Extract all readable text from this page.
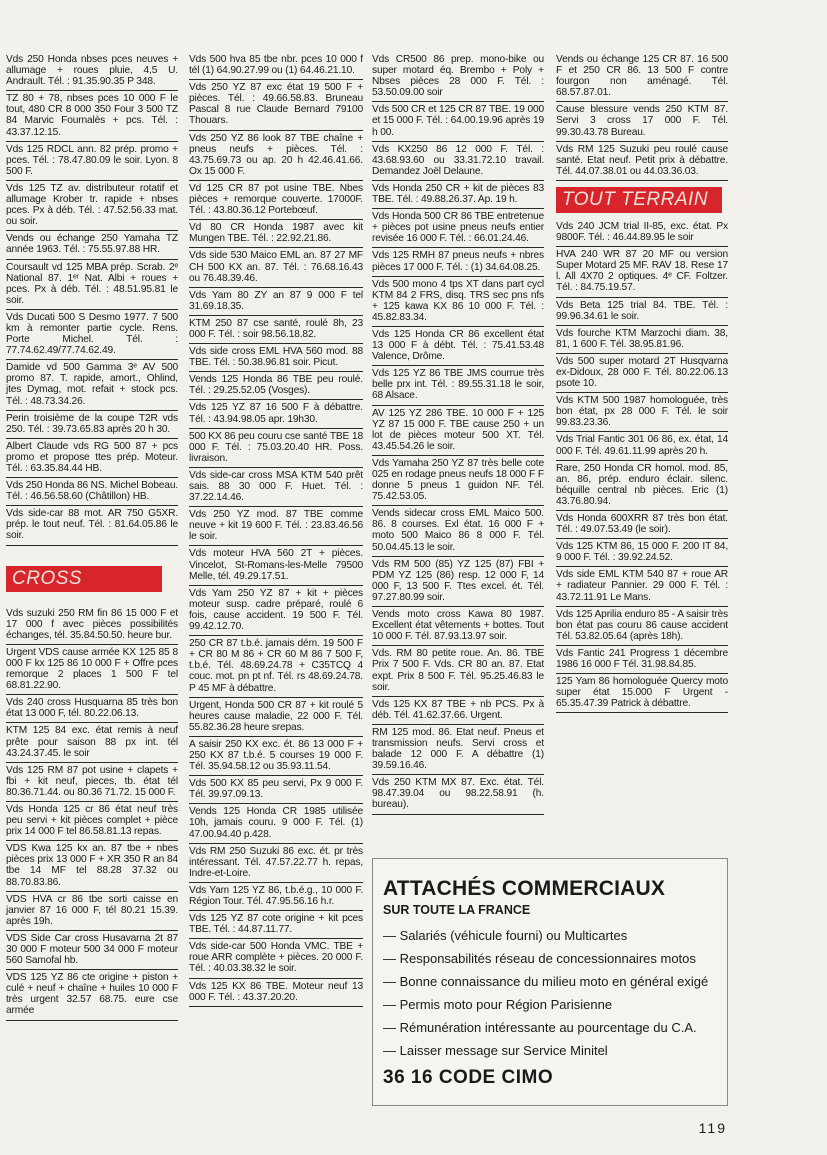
Vds 250 Honda nbses pces neuves + allumage + roues pluie, 4,5 U. Andrault. Tél. : 91.35.90.35 P 348.

TZ 80 + 78, nbses pces 10 000 F le tout, 480 CR 8 000 350 Four 3 500 TZ 84 Marvic Fournalès + pcs. Tél. : 43.37.12.15.

Vds 125 RDCL ann. 82 prép. promo + pces. Tél. : 78.47.80.09 le soir. Lyon. 8 500 F.

Vds 125 TZ av. distributeur rotatif et allumage Krober tr. rapide + nbses pces. Px à déb. Tél. : 47.52.56.33 mat. ou soir.

Vends ou échange 250 Yamaha TZ année 1963. Tél. : 75.55.97.88 HR.

Coursault vd 125 MBA prép. Scrab. 2ᵉ National 87. 1ᵉʳ Nat. Albi + roues + pces. Px à déb. Tél. : 48.51.95.81 le soir.

Vds Ducati 500 S Desmo 1977. 7 500 km à remonter partie cycle. Rens. Porte Michel. Tél. : 77.74.62.49/77.74.62.49.

Damide vd 500 Gamma 3ᵉ AV 500 promo 87. T. rapide, amort., Ohlind, jtes Dymag, mot. refait + stock pcs. Tél. : 48.73.34.26.

Perin troisième de la coupe T2R vds 250. Tél. : 39.73.65.83 après 20 h 30.

Albert Claude vds RG 500 87 + pcs promo et propose ttes prép. Moteur. Tél. : 63.35.84.44 HB.

Vds 250 Honda 86 NS. Michel Bobeau. Tél. : 46.56.58.60 (Châtillon) HB.

Vds side-car 88 mot. AR 750 G5XR. prép. le tout neuf. Tél. : 81.64.05.86 le soir.

CROSS

Vds suzuki 250 RM fin 86 15 000 F et 17 000 f avec pièces possibilités échanges, tél. 35.84.50.50. heure bur.

Urgent VDS cause armée KX 125 85 8 000 F kx 125 86 10 000 F + Offre pces remorque 2 places 1 500 F tel 68.81.22.90.

Vds 240 cross Husquarna 85 très bon état 13 000 F, tél. 80.22.06.13.

KTM 125 84 exc. état remis à neuf prête pour saison 88 px int. tél 43.24.37.45. le soir

Vds 125 RM 87 pot usine + clapets + fbi + kit neuf, pieces, tb. état tél 80.36.71.44. ou 80.36 71.72. 15 000 F.

Vds Honda 125 cr 86 état neuf très peu servi + kit pièces complet + pièce prix 14 000 F tel 86.58.81.13 repas.

VDS Kwa 125 kx an. 87 tbe + nbes pièces prix 13 000 F + XR 350 R an 84 tbe 14 MF tel 88.28 37.32 ou 88.70.83.86.

VDS HVA cr 86 tbe sorti caisse en janvier 87 16 000 F, tél 80.21 15.39. après 19h.

VDS Side Car cross Husavarna 2t 87 30 000 F moteur 500 34 000 F moteur 560 Samofal hb.

VDS 125 YZ 86 cte origine + piston + culé + neuf + chaîne + huiles 10 000 F très urgent 32.57 68.75. eure cse armée

Vds 500 hva 85 tbe nbr. pces 10 000 f tél (1) 64.90.27.99 ou (1) 64.46.21.10.

Vds 250 YZ 87 exc état 19 500 F + pièces. Tél. : 49.66.58.83. Bruneau Pascal 8 rue Claude Bernard 79100 Thouars.

Vds 250 YZ 86 look 87 TBE chaîne + pneus neufs + pièces. Tél. : 43.75.69.73 ou ap. 20 h 42.46.41.66. Ox 15 000 F.

Vd 125 CR 87 pot usine TBE. Nbes pièces + remorque couverte. 17000F. Tél. : 43.80.36.12 Portebœuf.

Vd 80 CR Honda 1987 avec kit Mungen TBE. Tél. : 22.92.21.86.

Vds side 530 Maico EML an. 87 27 MF CH 500 KX an. 87. Tél. : 76.68.16.43 ou 76.48.39.46.

Vds Yam 80 ZY an 87 9 000 F tel 31.69.18.35.

KTM 250 87 cse santé, roulé 8h, 23 000 F. Tél. : soir 98.56.18.82.

Vds side cross EML HVA 560 mod. 88 TBE. Tél. : 50.38.96.81 soir. Picut.

Vends 125 Honda 86 TBE peu roulé. Tél. : 29.25.52.05 (Vosges).

Vds 125 YZ 87 16 500 F à débattre. Tél. : 43.94.98.05 apr. 19h30.

500 KX 86 peu couru cse santé TBE 18 000 F. Tél. : 75.03.20.40 HR. Poss. livraison.

Vds side-car cross MSA KTM 540 prêt sais. 88 30 000 F. Huet. Tél. : 37.22.14.46.

Vds 250 YZ mod. 87 TBE comme neuve + kit 19 600 F. Tél. : 23.83.46.56 le soir.

Vds moteur HVA 560 2T + pièces. Vincelot, St-Romans-les-Melle 79500 Melle, tél. 49.29.17.51.

Vds Yam 250 YZ 87 + kit + pièces moteur susp. cadre préparé, roulé 6 fois, cause accident. 19 500 F. Tél. 99.42.12.70.

250 CR 87 t.b.é. jamais dém. 19 500 F + CR 80 M 86 + CR 60 M 86 7 500 F, t.b.é. Tél. 48.69.24.78 + C35TCQ 4 couc. mot. pn pt nf. Tél. rs 48.69.24.78. P 45 MF à débattre.

Urgent, Honda 500 CR 87 + kit roulé 5 heures cause maladie, 22 000 F. Tél. 55.82.36.28 heure srepas.

A saisir 250 KX exc. ét. 86 13 000 F + 250 KX 87 t.b.é. 5 courses 19 000 F. Tél. 35.94.58.12 ou 35.93.11.54.

Vds 500 KX 85 peu servi, Px 9 000 F. Tél. 39.97.09.13.

Vends 125 Honda CR 1985 utilisée 10h, jamais couru. 9 000 F. Tél. (1) 47.00.94.40 p.428.

Vds RM 250 Suzuki 86 exc. ét. pr très intéressant. Tél. 47.57.22.77 h. repas, Indre-et-Loire.

Vds Yam 125 YZ 86, t.b.é.g., 10 000 F. Région Tour. Tél. 47.95.56.16 h.r.

Vds 125 YZ 87 cote origine + kit pces TBE. Tél. : 44.87.11.77.

Vds side-car 500 Honda VMC. TBE + roue ARR complète + pièces. 20 000 F. Tél. : 40.03.38.32 le soir.

Vds 125 KX 86 TBE. Moteur neuf 13 000 F. Tél. : 43.37.20.20.

Vds CR500 86 prep. mono-bike ou super motard éq. Brembo + Poly + Nbses pièces 28 000 F. Tél. : 53.50.09.00 soir

Vds 500 CR et 125 CR 87 TBE. 19 000 et 15 000 F. Tél. : 64.00.19.96 après 19 h 00.

Vds KX250 86 12 000 F. Tél. : 43.68.93.60 ou 33.31.72.10 travail. Demandez Joël Delaune.

Vds Honda 250 CR + kit de pièces 83 TBE. Tél. : 49.88.26.37. Ap. 19 h.

Vds Honda 500 CR 86 TBE entretenue + pièces pot usine pneus neufs entier revisée 16 000 F. Tél. : 66.01.24.46.

Vds 125 RMH 87 pneus neufs + nbres pièces 17 000 F. Tél. : (1) 34.64.08.25.

Vds 500 mono 4 tps XT dans part cycl KTM 84 2 FRS, disq. TRS sec pns nfs + 125 kawa KX 86 10 000 F. Tél. : 45.82.83.34.

Vds 125 Honda CR 86 excellent état 13 000 F à débt. Tél. : 75.41.53.48 Valence, Drôme.

Vds 125 YZ 86 TBE JMS courrue très belle prx int. Tél. : 89.55.31.18 le soir, 68 Alsace.

AV 125 YZ 286 TBE. 10 000 F + 125 YZ 87 15 000 F. TBE cause 250 + un lot de pièces moteur 500 XT. Tél. 43.45.54.26 le soir.

Vds Yamaha 250 YZ 87 très belle cote 025 en rodage pneus neufs 18 000 F F donne 5 pneus 1 guidon NF. Tél. 75.42.53.05.

Vends sidecar cross EML Maico 500. 86. 8 courses. Exl état. 16 000 F + moto 500 Maico 86 8 000 F. Tél. 50.04.45.13 le soir.

Vds RM 500 (85) YZ 125 (87) FBI + PDM YZ 125 (86) resp. 12 000 F, 14 000 F, 13 500 F. Ttes excel. ét. Tél. 97.27.80.99 soir.

Vends moto cross Kawa 80 1987. Excellent état vêtements + bottes. Tout 10 000 F. Tél. 87.93.13.97 soir.

Vds. RM 80 petite roue. An. 86. TBE Prix 7 500 F. Vds. CR 80 an. 87. Etat expt. Prix 8 500 F. Tél. 95.25.46.83 le soir.

Vds 125 KX 87 TBE + nb PCS. Px à déb. Tél. 41.62.37.66. Urgent.

RM 125 mod. 86. Etat neuf. Pneus et transmission neufs. Servi cross et balade 12 000 F. A débattre (1) 39.59.16.46.

Vds 250 KTM MX 87. Exc. état. Tél. 98.47.39.04 ou 98.22.58.91 (h. bureau).

Vends ou échange 125 CR 87. 16 500 F et 250 CR 86. 13 500 F contre fourgon non aménagé. Tél. 68.57.87.01.

Cause blessure vends 250 KTM 87. Servi 3 cross 17 000 F. Tél. 99.30.43.78 Bureau.

Vds RM 125 Suzuki peu roulé cause santé. Etat neuf. Petit prix à débattre. Tél. 44.07.38.01 ou 44.03.36.03.

TOUT TERRAIN

Vds 240 JCM trial II-85, exc. état. Px 9800F. Tél. : 46.44.89.95 le soir

HVA 240 WR 87 20 MF ou version Super Motard 25 MF. RAV 18. Rese 17 l. All 4X70 2 optiques. 4ᵉ CF. Foltzer. Tél. : 84.75.19.57.

Vds Beta 125 trial 84. TBE. Tél. : 99.96.34.61 le soir.

Vds fourche KTM Marzochi diam. 38, 81, 1 600 F. Tél. 38.95.81.96.

Vds 500 super motard 2T Husqvarna ex-Didoux, 28 000 F. Tél. 80.22.06.13 psote 10.

Vds KTM 500 1987 homologuée, très bon état, px 28 000 F. Tél. le soir 99.83.23.36.

Vds Trial Fantic 301 06 86, ex. état, 14 000 F. Tél. 49.61.11.99 après 20 h.

Rare, 250 Honda CR homol. mod. 85, an. 86, prép. enduro éclair. silenc. béquille central nb pièces. Eric (1) 43.76.80.94.

Vds Honda 600XRR 87 très bon état. Tél. : 49.07.53.49 (le soir).

Vds 125 KTM 86, 15 000 F. 200 IT 84, 9 000 F. Tél. : 39.92.24.52.

Vds side EML KTM 540 87 + roue AR + radiateur Pannier. 29 000 F. Tél. : 43.72.11.91 Le Mans.

Vds 125 Aprilia enduro 85 - A saisir très bon état pas couru 86 cause accident Tél. 53.82.05.64 (après 18h).

Vds Fantic 241 Progress 1 décembre 1986 16 000 F Tél. 31.98.84.85.

125 Yam 86 homologuée Quercy moto super état 15.000 F Urgent - 65.35.47.39 Patrick à débattre.

ATTACHÉS COMMERCIAUX
SUR TOUTE LA FRANCE
— Salariés (véhicule fourni) ou Multicartes
— Responsabilités réseau de concessionnaires motos
— Bonne connaissance du milieu moto en général exigé
— Permis moto pour Région Parisienne
— Rémunération intéressante au pourcentage du C.A.
— Laisser message sur Service Minitel
36 16 CODE CIMO
119
